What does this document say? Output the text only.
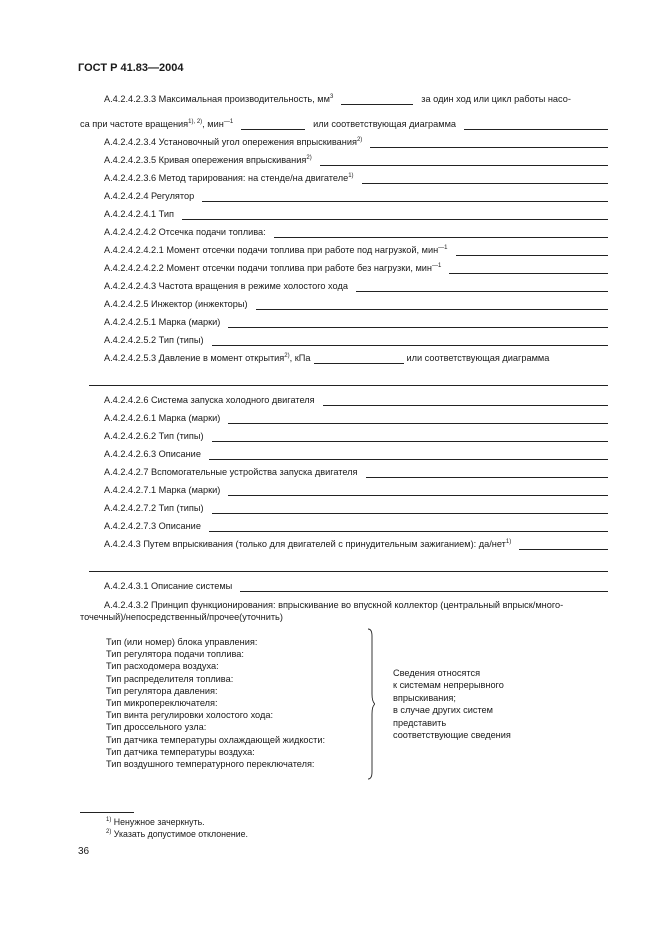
ГОСТ Р 41.83—2004
А.4.2.4.2.3.3 Максимальная производительность, $мм^3$	за один ход или цикл работы насо-
са при частоте вращения$^{1), 2)}$, мин$^{—1}$	или соответствующая диаграмма
А.4.2.4.2.3.4 Установочный угол опережения впрыскивания$^{2)}$
А.4.2.4.2.3.5 Кривая опережения впрыскивания$^{2)}$
А.4.2.4.2.3.6 Метод тарирования: на стенде/на двигателе$^{1)}$
А.4.2.4.2.4 Регулятор
А.4.2.4.2.4.1 Тип
А.4.2.4.2.4.2 Отсечка подачи топлива:
А.4.2.4.2.4.2.1 Момент отсечки подачи топлива при работе под нагрузкой, мин$^{—1}$
А.4.2.4.2.4.2.2 Момент отсечки подачи топлива при работе без нагрузки, мин$^{—1}$
А.4.2.4.2.4.3 Частота вращения в режиме холостого хода
А.4.2.4.2.5 Инжектор (инжекторы)
А.4.2.4.2.5.1 Марка (марки)
А.4.2.4.2.5.2 Тип (типы)
А.4.2.4.2.5.3 Давление в момент открытия$^{2)}$, кПа	или соответствующая диаграмма
А.4.2.4.2.6 Система запуска холодного двигателя
А.4.2.4.2.6.1 Марка (марки)
А.4.2.4.2.6.2 Тип (типы)
А.4.2.4.2.6.3 Описание
А.4.2.4.2.7 Вспомогательные устройства запуска двигателя
А.4.2.4.2.7.1 Марка (марки)
А.4.2.4.2.7.2 Тип (типы)
А.4.2.4.2.7.3 Описание
А.4.2.4.3 Путем впрыскивания (только для двигателей с принудительным зажиганием): да/нет$^{1)}$
А.4.2.4.3.1 Описание системы
А.4.2.4.3.2 Принцип функционирования: впрыскивание во впускной коллектор (центральный впрыск/много-
точечный)/непосредственный/прочее(уточнить)
Тип (или номер) блока управления:
Тип регулятора подачи топлива:
Тип расходомера воздуха:
Тип распределителя топлива:
Тип регулятора давления:
Тип микропереключателя:
Тип винта регулировки холостого хода:
Тип дроссельного узла:
Тип датчика температуры охлаждающей жидкости:
Тип датчика температуры воздуха:
Тип воздушного температурного переключателя:
Сведения относятся
к системам непрерывного
впрыскивания;
в случае других систем
представить
соответствующие сведения
$^{1)}$ Ненужное зачеркнуть.
$^{2)}$ Указать допустимое отклонение.
36
